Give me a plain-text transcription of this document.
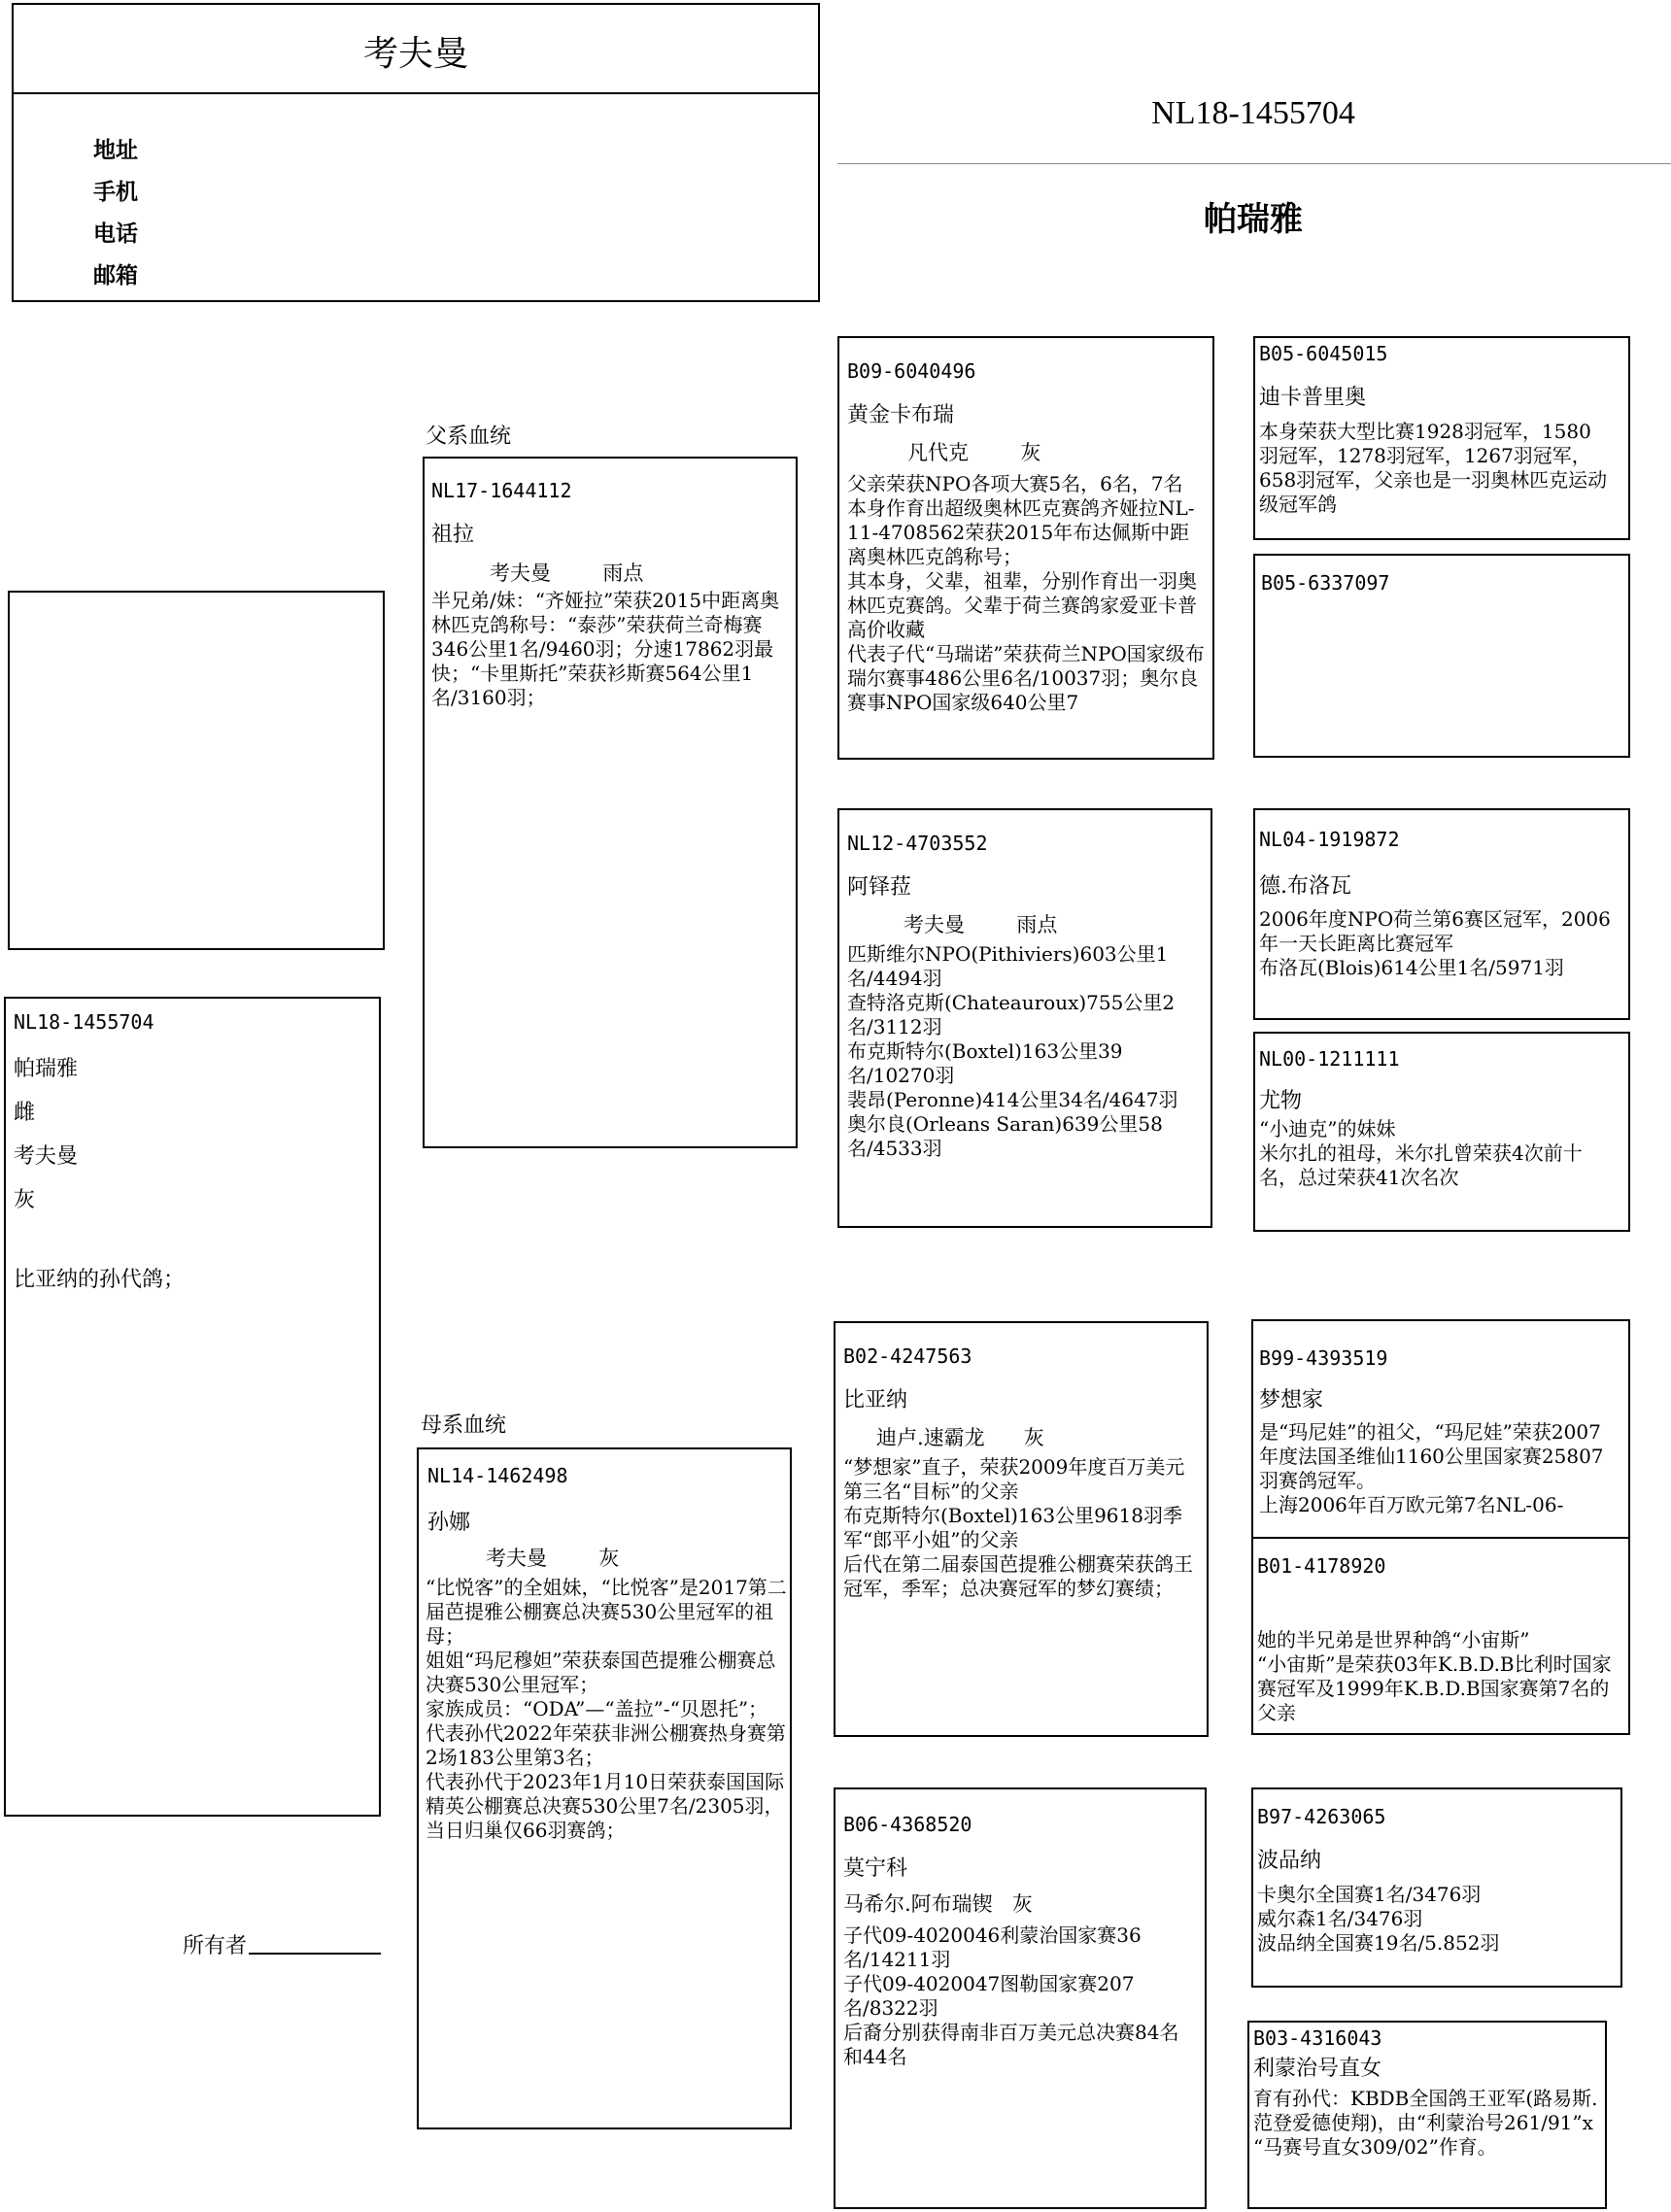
考夫曼
地址
手机
电话
邮箱
NL18-1455704
帕瑞雅
NL18-1455704
帕瑞雅
雌
考夫曼
灰
比亚纳的孙代鸽；
所有者
父系血统
NL17-1644112
祖拉
考夫曼        雨点
半兄弟/妹：“齐娅拉”荣获2015中距离奥林匹克鸽称号：“泰莎”荣获荷兰奇梅赛346公里1名/9460羽；分速17862羽最快；“卡里斯托”荣获衫斯赛564公里1名/3160羽；
母系血统
NL14-1462498
孙娜
考夫曼        灰
“比悦客”的全姐妹，“比悦客”是2017第二届芭提雅公棚赛总决赛530公里冠军的祖母；
姐姐“玛尼穆妲”荣获泰国芭提雅公棚赛总决赛530公里冠军；
家族成员：“ODA”—“盖拉”-“贝恩托”；
代表孙代2022年荣获非洲公棚赛热身赛第2场183公里第3名；
代表孙代于2023年1月10日荣获泰国国际精英公棚赛总决赛530公里7名/2305羽，当日归巢仅66羽赛鸽；
B09-6040496
黄金卡布瑞
凡代克        灰
父亲荣获NPO各项大赛5名，6名，7名
本身作育出超级奥林匹克赛鸽齐娅拉NL-11-4708562荣获2015年布达佩斯中距离奥林匹克鸽称号；
其本身，父辈，祖辈，分别作育出一羽奥林匹克赛鸽。父辈于荷兰赛鸽家爱亚卡普高价收藏
代表子代“马瑞诺”荣获荷兰NPO国家级布瑞尔赛事486公里6名/10037羽；奥尔良赛事NPO国家级640公里7
NL12-4703552
阿铎菈
考夫曼        雨点
匹斯维尔NPO(Pithiviers)603公里1名/4494羽
查特洛克斯(Chateauroux)755公里2名/3112羽
布克斯特尔(Boxtel)163公里39名/10270羽
裴昂(Peronne)414公里34名/4647羽
奥尔良(Orleans Saran)639公里58名/4533羽
B02-4247563
比亚纳
迪卢.速霸龙      灰
“梦想家”直子，荣获2009年度百万美元第三名“目标”的父亲
布克斯特尔(Boxtel)163公里9618羽季军“郎平小姐”的父亲
后代在第二届泰国芭提雅公棚赛荣获鸽王冠军，季军；总决赛冠军的梦幻赛绩；
B06-4368520
莫宁科
马希尔.阿布瑞锲   灰
子代09-4020046利蒙治国家赛36名/14211羽
子代09-4020047图勒国家赛207名/8322羽
后裔分别获得南非百万美元总决赛84名和44名
B05-6045015
迪卡普里奥
本身荣获大型比赛1928羽冠军，1580羽冠军，1278羽冠军，1267羽冠军，658羽冠军，父亲也是一羽奥林匹克运动级冠军鸽
B05-6337097
NL04-1919872
德.布洛瓦
2006年度NPO荷兰第6赛区冠军，2006年一天长距离比赛冠军
布洛瓦(Blois)614公里1名/5971羽
NL00-1211111
尤物
“小迪克”的妹妹
米尔扎的祖母，米尔扎曾荣获4次前十名，总过荣获41次名次
B99-4393519
梦想家
是“玛尼娃”的祖父，“玛尼娃”荣获2007年度法国圣维仙1160公里国家赛25807羽赛鸽冠军。
上海2006年百万欧元第7名NL-06-
B01-4178920
她的半兄弟是世界种鸽“小宙斯”
“小宙斯”是荣获03年K.B.D.B比利时国家赛冠军及1999年K.B.D.B国家赛第7名的父亲
B97-4263065
波品纳
卡奥尔全国赛1名/3476羽
威尔森1名/3476羽
波品纳全国赛19名/5.852羽
B03-4316043
利蒙治号直女
育有孙代：KBDB全国鸽王亚军(路易斯.范登爱德使翔)，由“利蒙治号261/91”x “马赛号直女309/02”作育。
